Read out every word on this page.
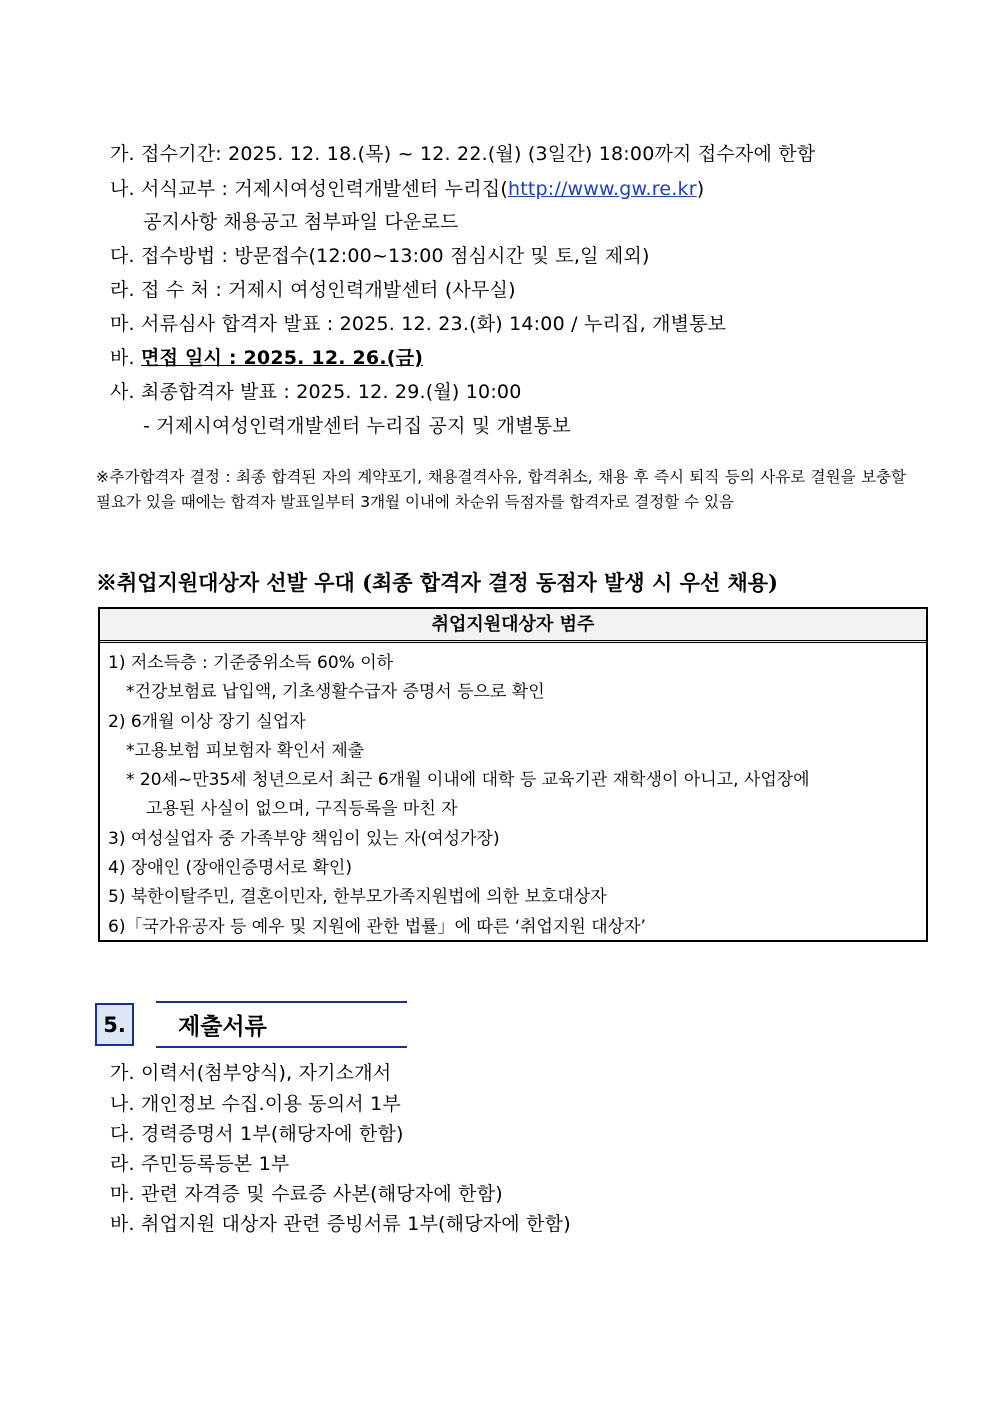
가. 접수기간: 2025. 12. 18.(목) ~ 12. 22.(월) (3일간) 18:00까지 접수자에 한함
나. 서식교부 : 거제시여성인력개발센터 누리집(http://www.gw.re.kr)
공지사항 채용공고 첨부파일 다운로드
다. 접수방법 : 방문접수(12:00~13:00 점심시간 및 토,일 제외)
라. 접 수 처 : 거제시 여성인력개발센터 (사무실)
마. 서류심사 합격자 발표 : 2025. 12. 23.(화) 14:00 / 누리집, 개별통보
바. 면접 일시 : 2025. 12. 26.(금)
사. 최종합격자 발표 : 2025. 12. 29.(월) 10:00
- 거제시여성인력개발센터 누리집 공지 및 개별통보
※추가합격자 결정 : 최종 합격된 자의 계약포기, 채용결격사유, 합격취소, 채용 후 즉시 퇴직 등의 사유로 결원을 보충할 필요가 있을 때에는 합격자 발표일부터 3개월 이내에 차순위 득점자를 합격자로 결정할 수 있음
※취업지원대상자 선발 우대 (최종 합격자 결정 동점자 발생 시 우선 채용)
취업지원대상자 범주
1) 저소득층 : 기준중위소득 60% 이하
*건강보험료 납입액, 기초생활수급자 증명서 등으로 확인
2) 6개월 이상 장기 실업자
*고용보험 피보험자 확인서 제출
* 20세~만35세 청년으로서 최근 6개월 이내에 대학 등 교육기관 재학생이 아니고, 사업장에
고용된 사실이 없으며, 구직등록을 마친 자
3) 여성실업자 중 가족부양 책임이 있는 자(여성가장)
4) 장애인 (장애인증명서로 확인)
5) 북한이탈주민, 결혼이민자, 한부모가족지원법에 의한 보호대상자
6)「국가유공자 등 예우 및 지원에 관한 법률」에 따른 ‘취업지원 대상자’
5.	제출서류
가. 이력서(첨부양식), 자기소개서
나. 개인정보 수집.이용 동의서 1부
다. 경력증명서 1부(해당자에 한함)
라. 주민등록등본 1부
마. 관련 자격증 및 수료증 사본(해당자에 한함)
바. 취업지원 대상자 관련 증빙서류 1부(해당자에 한함)
